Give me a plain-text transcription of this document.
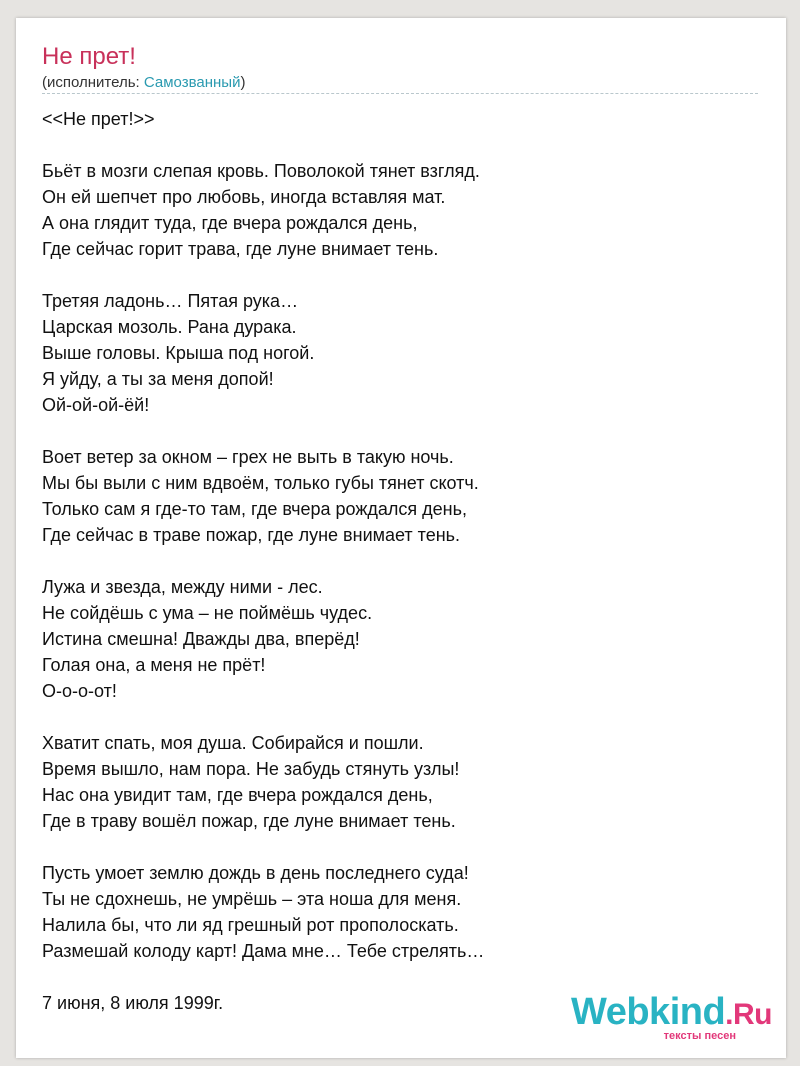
Не прет!
(исполнитель: Самозванный)
<<Не прет!>>
Бьёт в мозги слепая кровь. Поволокой тянет взгляд.
Он ей шепчет про любовь, иногда вставляя мат.
А она глядит туда, где вчера рождался день,
Где сейчас горит трава, где луне внимает тень.
Третяя ладонь… Пятая рука…
Царская мозоль. Рана дурака.
Выше головы. Крыша под ногой.
Я уйду, а ты за меня допой!
Ой-ой-ой-ёй!
Воет ветер за окном – грех не выть в такую ночь.
Мы бы выли с ним вдвоём, только губы тянет скотч.
Только сам я где-то там, где вчера рождался день,
Где сейчас в траве пожар, где луне внимает тень.
Лужа и звезда, между ними - лес.
Не сойдёшь с ума – не поймёшь чудес.
Истина смешна! Дважды два, вперёд!
Голая она, а меня не прёт!
О-о-о-от!
Хватит спать, моя душа. Собирайся и пошли.
Время вышло, нам пора. Не забудь стянуть узлы!
Нас она увидит там, где вчера рождался день,
Где в траву вошёл пожар, где луне внимает тень.
Пусть умоет землю дождь в день последнего суда!
Ты не сдохнешь, не умрёшь – эта ноша для меня.
Налила бы, что ли яд грешный рот прополоскать.
Размешай колоду карт! Дама мне… Тебе стрелять…
7 июня, 8 июля 1999г.	Webkind.Ru
тексты песен
